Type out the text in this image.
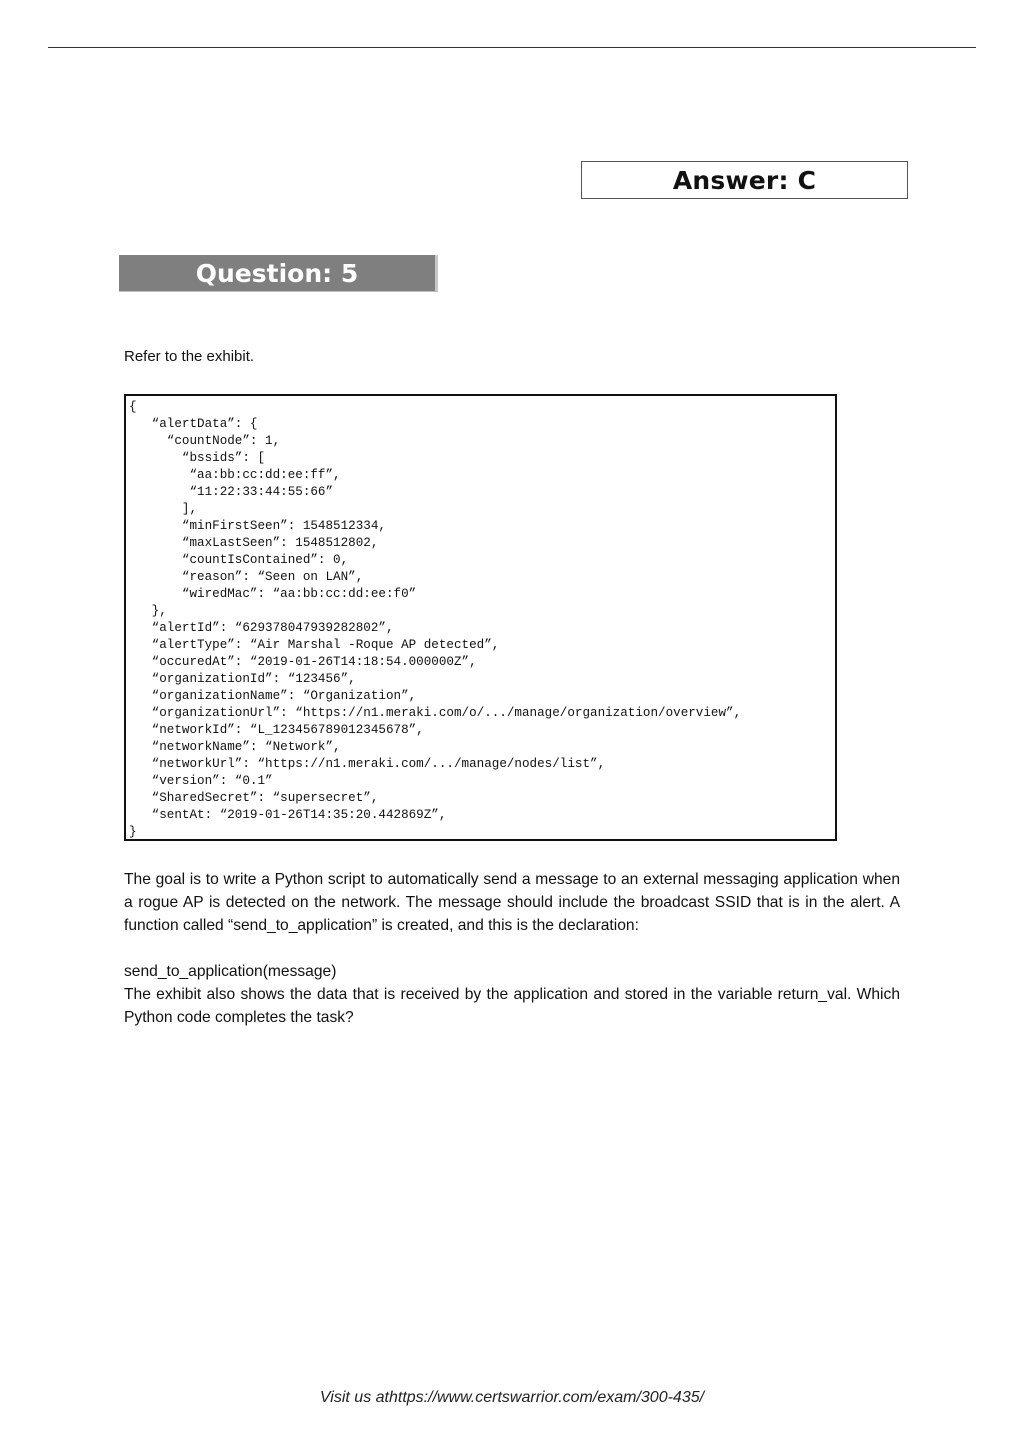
Answer: C
Question: 5
Refer to the exhibit.
{
“alertData”: {
“countNode”: 1,
“bssids”: [
“aa:bb:cc:dd:ee:ff”,
“11:22:33:44:55:66”
],
“minFirstSeen”: 1548512334,
“maxLastSeen”: 1548512802,
“countIsContained”: 0,
“reason”: “Seen on LAN”,
“wiredMac”: “aa:bb:cc:dd:ee:f0”
},
“alertId”: “629378047939282802”,
“alertType”: “Air Marshal -Roque AP detected”,
“occuredAt”: “2019-01-26T14:18:54.000000Z”,
“organizationId”: “123456”,
“organizationName”: “Organization”,
“organizationUrl”: “https://n1.meraki.com/o/.../manage/organization/overview”,
“networkId”: “L_123456789012345678”,
“networkName”: “Network”,
“networkUrl”: “https://n1.meraki.com/.../manage/nodes/list”,
“version”: “0.1”
“SharedSecret”: “supersecret”,
“sentAt: “2019-01-26T14:35:20.442869Z”,
}

The goal is to write a Python script to automatically send a message to an external messaging application when a rogue AP is detected on the network. The message should include the broadcast SSID that is in the alert. A function called “send_to_application” is created, and this is the declaration:

send_to_application(message)

The exhibit also shows the data that is received by the application and stored in the variable return_val. Which Python code completes the task?

Visit us athttps://www.certswarrior.com/exam/300-435/
